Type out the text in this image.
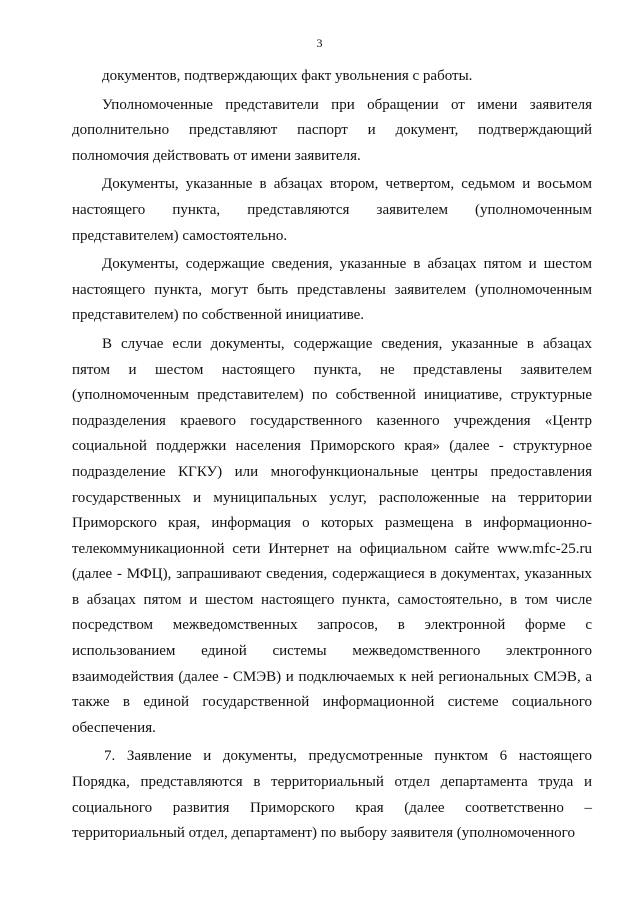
3

документов, подтверждающих факт увольнения с работы.

Уполномоченные представители при обращении от имени заявителя дополнительно представляют паспорт и документ, подтверждающий полномочия действовать от имени заявителя.

Документы, указанные в абзацах втором, четвертом, седьмом и восьмом настоящего пункта, представляются заявителем (уполномоченным представителем) самостоятельно.

Документы, содержащие сведения, указанные в абзацах пятом и шестом настоящего пункта, могут быть представлены заявителем (уполномоченным представителем) по собственной инициативе.

В случае если документы, содержащие сведения, указанные в абзацах пятом и шестом настоящего пункта, не представлены заявителем (уполномоченным представителем) по собственной инициативе, структурные подразделения краевого государственного казенного учреждения «Центр социальной поддержки населения Приморского края» (далее - структурное подразделение КГКУ) или многофункциональные центры предоставления государственных и муниципальных услуг, расположенные на территории Приморского края, информация о которых размещена в информационно-телекоммуникационной сети Интернет на официальном сайте www.mfc-25.ru (далее - МФЦ), запрашивают сведения, содержащиеся в документах, указанных в абзацах пятом и шестом настоящего пункта, самостоятельно, в том числе посредством межведомственных запросов, в электронной форме с использованием единой системы межведомственного электронного взаимодействия (далее - СМЭВ) и подключаемых к ней региональных СМЭВ, а также в единой государственной информационной системе социального обеспечения.

7. Заявление и документы, предусмотренные пунктом 6 настоящего Порядка, представляются в территориальный отдел департамента труда и социального развития Приморского края (далее соответственно – территориальный отдел, департамент) по выбору заявителя (уполномоченного
